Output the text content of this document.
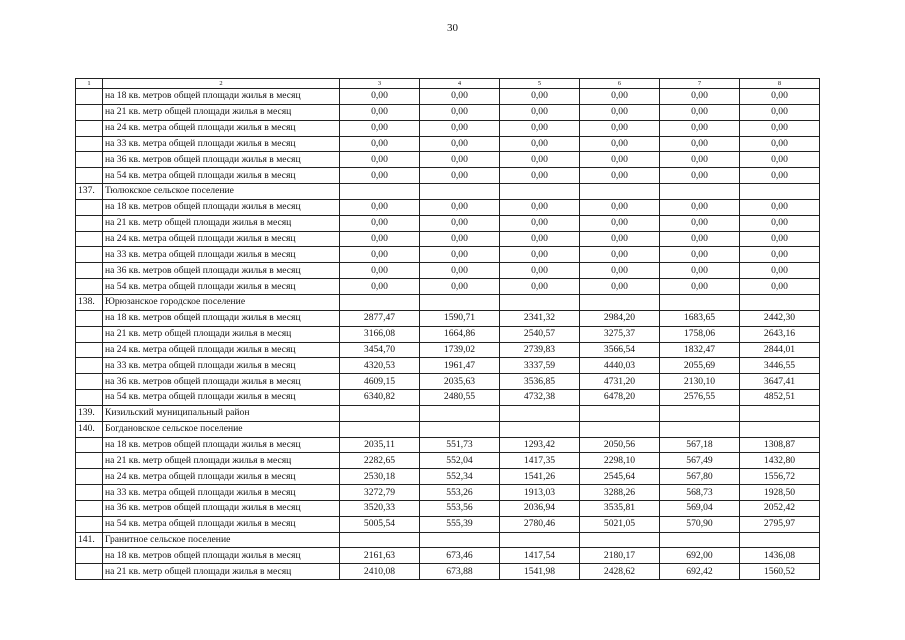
30
1	2	3	4	5	6	7	8
	на 18 кв. метров общей площади жилья в месяц	0,00	0,00	0,00	0,00	0,00	0,00
	на 21 кв. метр общей площади жилья в месяц	0,00	0,00	0,00	0,00	0,00	0,00
	на 24 кв. метра общей площади жилья в месяц	0,00	0,00	0,00	0,00	0,00	0,00
	на 33 кв. метра общей площади жилья в месяц	0,00	0,00	0,00	0,00	0,00	0,00
	на 36 кв. метров общей площади жилья в месяц	0,00	0,00	0,00	0,00	0,00	0,00
	на 54 кв. метра общей площади жилья в месяц	0,00	0,00	0,00	0,00	0,00	0,00
137.	Тюлюкское сельское поселение						
	на 18 кв. метров общей площади жилья в месяц	0,00	0,00	0,00	0,00	0,00	0,00
	на 21 кв. метр общей площади жилья в месяц	0,00	0,00	0,00	0,00	0,00	0,00
	на 24 кв. метра общей площади жилья в месяц	0,00	0,00	0,00	0,00	0,00	0,00
	на 33 кв. метра общей площади жилья в месяц	0,00	0,00	0,00	0,00	0,00	0,00
	на 36 кв. метров общей площади жилья в месяц	0,00	0,00	0,00	0,00	0,00	0,00
	на 54 кв. метра общей площади жилья в месяц	0,00	0,00	0,00	0,00	0,00	0,00
138.	Юрюзанское городское поселение						
	на 18 кв. метров общей площади жилья в месяц	2877,47	1590,71	2341,32	2984,20	1683,65	2442,30
	на 21 кв. метр общей площади жилья в месяц	3166,08	1664,86	2540,57	3275,37	1758,06	2643,16
	на 24 кв. метра общей площади жилья в месяц	3454,70	1739,02	2739,83	3566,54	1832,47	2844,01
	на 33 кв. метра общей площади жилья в месяц	4320,53	1961,47	3337,59	4440,03	2055,69	3446,55
	на 36 кв. метров общей площади жилья в месяц	4609,15	2035,63	3536,85	4731,20	2130,10	3647,41
	на 54 кв. метра общей площади жилья в месяц	6340,82	2480,55	4732,38	6478,20	2576,55	4852,51
139.	Кизильский муниципальный район						
140.	Богдановское сельское поселение						
	на 18 кв. метров общей площади жилья в месяц	2035,11	551,73	1293,42	2050,56	567,18	1308,87
	на 21 кв. метр общей площади жилья в месяц	2282,65	552,04	1417,35	2298,10	567,49	1432,80
	на 24 кв. метра общей площади жилья в месяц	2530,18	552,34	1541,26	2545,64	567,80	1556,72
	на 33 кв. метра общей площади жилья в месяц	3272,79	553,26	1913,03	3288,26	568,73	1928,50
	на 36 кв. метров общей площади жилья в месяц	3520,33	553,56	2036,94	3535,81	569,04	2052,42
	на 54 кв. метра общей площади жилья в месяц	5005,54	555,39	2780,46	5021,05	570,90	2795,97
141.	Гранитное сельское поселение						
	на 18 кв. метров общей площади жилья в месяц	2161,63	673,46	1417,54	2180,17	692,00	1436,08
	на 21 кв. метр общей площади жилья в месяц	2410,08	673,88	1541,98	2428,62	692,42	1560,52
